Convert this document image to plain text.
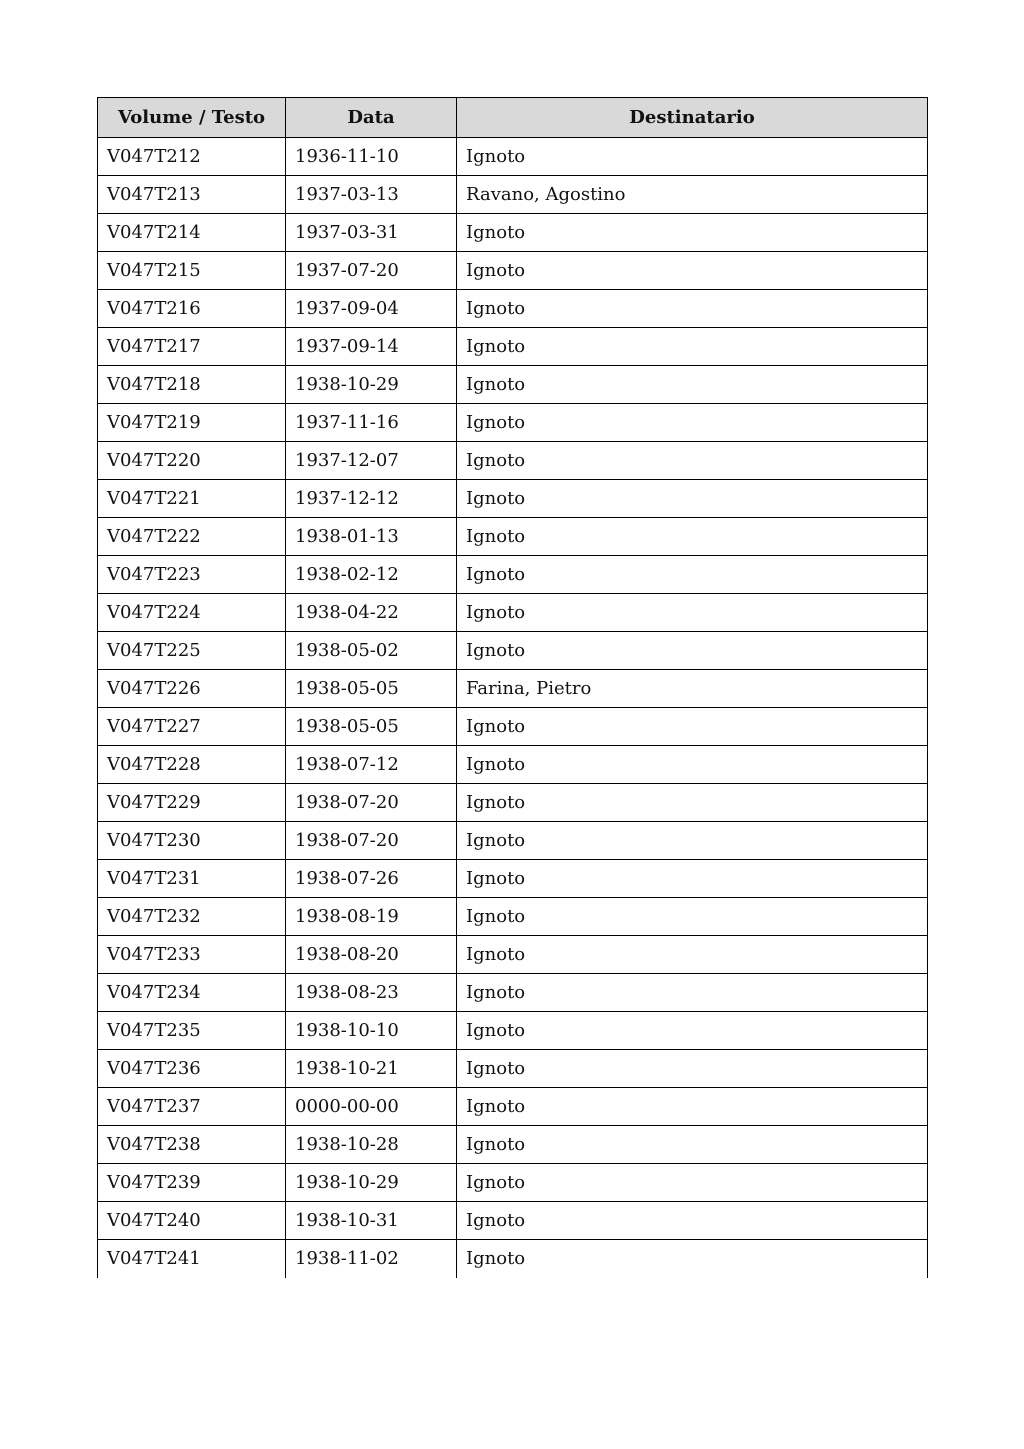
Volume / Testo	Data	Destinatario
V047T212	1936-11-10	Ignoto
V047T213	1937-03-13	Ravano, Agostino
V047T214	1937-03-31	Ignoto
V047T215	1937-07-20	Ignoto
V047T216	1937-09-04	Ignoto
V047T217	1937-09-14	Ignoto
V047T218	1938-10-29	Ignoto
V047T219	1937-11-16	Ignoto
V047T220	1937-12-07	Ignoto
V047T221	1937-12-12	Ignoto
V047T222	1938-01-13	Ignoto
V047T223	1938-02-12	Ignoto
V047T224	1938-04-22	Ignoto
V047T225	1938-05-02	Ignoto
V047T226	1938-05-05	Farina, Pietro
V047T227	1938-05-05	Ignoto
V047T228	1938-07-12	Ignoto
V047T229	1938-07-20	Ignoto
V047T230	1938-07-20	Ignoto
V047T231	1938-07-26	Ignoto
V047T232	1938-08-19	Ignoto
V047T233	1938-08-20	Ignoto
V047T234	1938-08-23	Ignoto
V047T235	1938-10-10	Ignoto
V047T236	1938-10-21	Ignoto
V047T237	0000-00-00	Ignoto
V047T238	1938-10-28	Ignoto
V047T239	1938-10-29	Ignoto
V047T240	1938-10-31	Ignoto
V047T241	1938-11-02	Ignoto
